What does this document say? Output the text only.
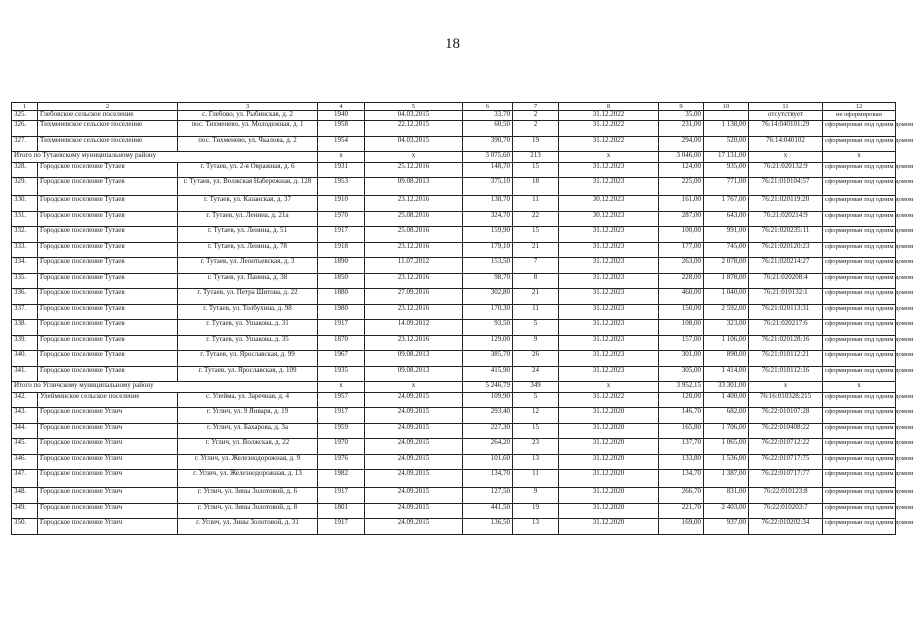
18
1	2	3	4	5	6	7	8	9	10	11	12
325.	Глебовское сельское поселение	с. Глебово, ул. Рыбинская, д. 2	1940	04.03.2015	33,70	2	31.12.2022	35,00		отсутствует	не оформирован
326.	Тихменевское сельское поселение	пос. Тихменево, ул. Молодежная, д. 1	1958	22.12.2015	60,50	2	31.12.2022	231,00	1 138,00	76:14:040101:29	сформирован под одним домом
327.	Тихменевское сельское поселение	пос. Тихменево, ул. Чкалова, д. 2	1954	04.03.2015	390,70	19	31.12.2022	294,00	520,00	76:14:040102	сформирован под одним домом
Итого по Тутаевскому муниципальному району			x	x	3 075,60	213	x	3 046,00	17 131,00	x	x
328.	Городское поселение Тутаев	г. Тутаев, ул. 2-я Овражная, д. 6	1931	25.12.2016	148,70	15	31.12.2023	124,00	935,00	76:21:020132:9	сформирован под одним домом
329.	Городское поселение Тутаев	г. Тутаев, ул. Волжская Набережная, д. 128	1953	09.08.2013	375,10	18	31.12.2023	225,00	771,00	76:21:010104:57	сформирован под одним домом
330.	Городское поселение Тутаев	г. Тутаев, ул. Казанская, д. 37	1910	23.12.2016	138,70	11	30.12.2023	161,00	1 767,00	76:21:020119:20	сформирован под одним домом
331.	Городское поселение Тутаев	г. Тутаев, ул. Ленина, д. 21а	1970	25.08.2016	324,70	22	30.12.2023	287,00	643,00	76:21:020214:9	сформирован под одним домом
332.	Городское поселение Тутаев	г. Тутаев, ул. Ленина, д. 51	1917	25.08.2016	159,90	15	31.12.2023	100,00	991,00	76:21:020235:11	сформирован под одним домом
333.	Городское поселение Тутаев	г. Тутаев, ул. Ленина, д. 78	1918	23.12.2016	179,10	21	31.12.2023	177,00	745,00	76:21:020120:23	сформирован под одним домом
334.	Городское поселение Тутаев	г. Тутаев, ул. Леонтьевская, д. 3	1890	11.07.2012	153,50	7	31.12.2023	263,00	2 078,00	76:21:020214:27	сформирован под одним домом
335.	Городское поселение Тутаев	г. Тутаев, ул. Панина, д. 38	1850	23.12.2016	98,70	8	31.12.2023	228,00	1 878,00	76:21:020208:4	сформирован под одним домом
336.	Городское поселение Тутаев	г. Тутаев, ул. Петра Шитова, д. 22	1880	27.09.2016	302,80	21	31.12.2023	460,00	1 040,00	76:21:010132:1	сформирован под одним домом
337.	Городское поселение Тутаев	г. Тутаев, ул. Толбухина, д. 98	1980	23.12.2016	170,30	11	31.12.2023	150,00	2 592,00	76:21:020113:31	сформирован под одним домом
338.	Городское поселение Тутаев	г. Тутаев, ул. Ушакова, д. 31	1917	14.09.2012	93,50	5	31.12.2023	108,00	323,00	76:21:020217:6	сформирован под одним домом
339.	Городское поселение Тутаев	г. Тутаев, ул. Ушакова, д. 35	1870	23.12.2016	129,00	9	31.12.2023	157,00	1 106,00	76:21:020128:16	сформирован под одним домом
340.	Городское поселение Тутаев	г. Тутаев, ул. Ярославская, д. 99	1967	09.08.2013	385,70	26	31.12.2023	301,00	890,00	76:21:010112:21	сформирован под одним домом
341.	Городское поселение Тутаев	г. Тутаев, ул. Ярославская, д. 109	1935	09.08.2013	415,90	24	31.12.2023	305,00	1 414,00	76:21:010112:16	сформирован под одним домом
Итого по Угличскому муниципальному району			x	x	5 246,79	349	x	3 952,15	33 301,00	x	x
342.	Улейминское сельское поселение	с. Улейма, ул. Заречная, д. 4	1957	24.09.2015	109,90	5	31.12.2022	120,00	1 400,00	76:16:010328:215	сформирован под одним домом
343.	Городское поселение Углич	г. Углич, ул. 9 Января, д. 19	1917	24.09.2015	293,40	12	31.12.2020	146,70	682,00	76:22:010107:28	сформирован под одним домом
344.	Городское поселение Углич	г. Углич, ул. Бахарова, д. 3а	1959	24.09.2015	227,30	15	31.12.2020	165,80	1 706,00	76:22:010408:22	сформирован под одним домом
345.	Городское поселение Углич	г. Углич, ул. Волжская, д. 22	1970	24.09.2015	264,20	23	31.12.2020	137,70	1 065,00	76:22:010712:22	сформирован под одним домом
346.	Городское поселение Углич	г. Углич, ул. Железнодорожная, д. 9	1976	24.09.2015	101,60	13	31.12.2020	133,80	1 536,00	76:22:010717:75	сформирован под одним домом
347.	Городское поселение Углич	г. Углич, ул. Железнодорожная, д. 13	1982	24.09.2015	134,70	11	31.12.2020	134,70	1 387,00	76:22:010717:77	сформирован под одним домом
348.	Городское поселение Углич	г. Углич, ул. Зины Золотовой, д. 6	1917	24.09.2015	127,50	9	31.12.2020	266,70	831,00	76:22:010123:8	сформирован под одним домом
349.	Городское поселение Углич	г. Углич, ул. Зины Золотовой, д. 8	1801	24.09.2015	441,50	19	31.12.2020	221,70	2 403,00	76:22:010203:7	сформирован под одним домом
350.	Городское поселение Углич	г. Углич, ул. Зины Золотовой, д. 31	1917	24.09.2015	136,50	13	31.12.2020	169,00	937,00	76:22:010202:34	сформирован под одним домом
